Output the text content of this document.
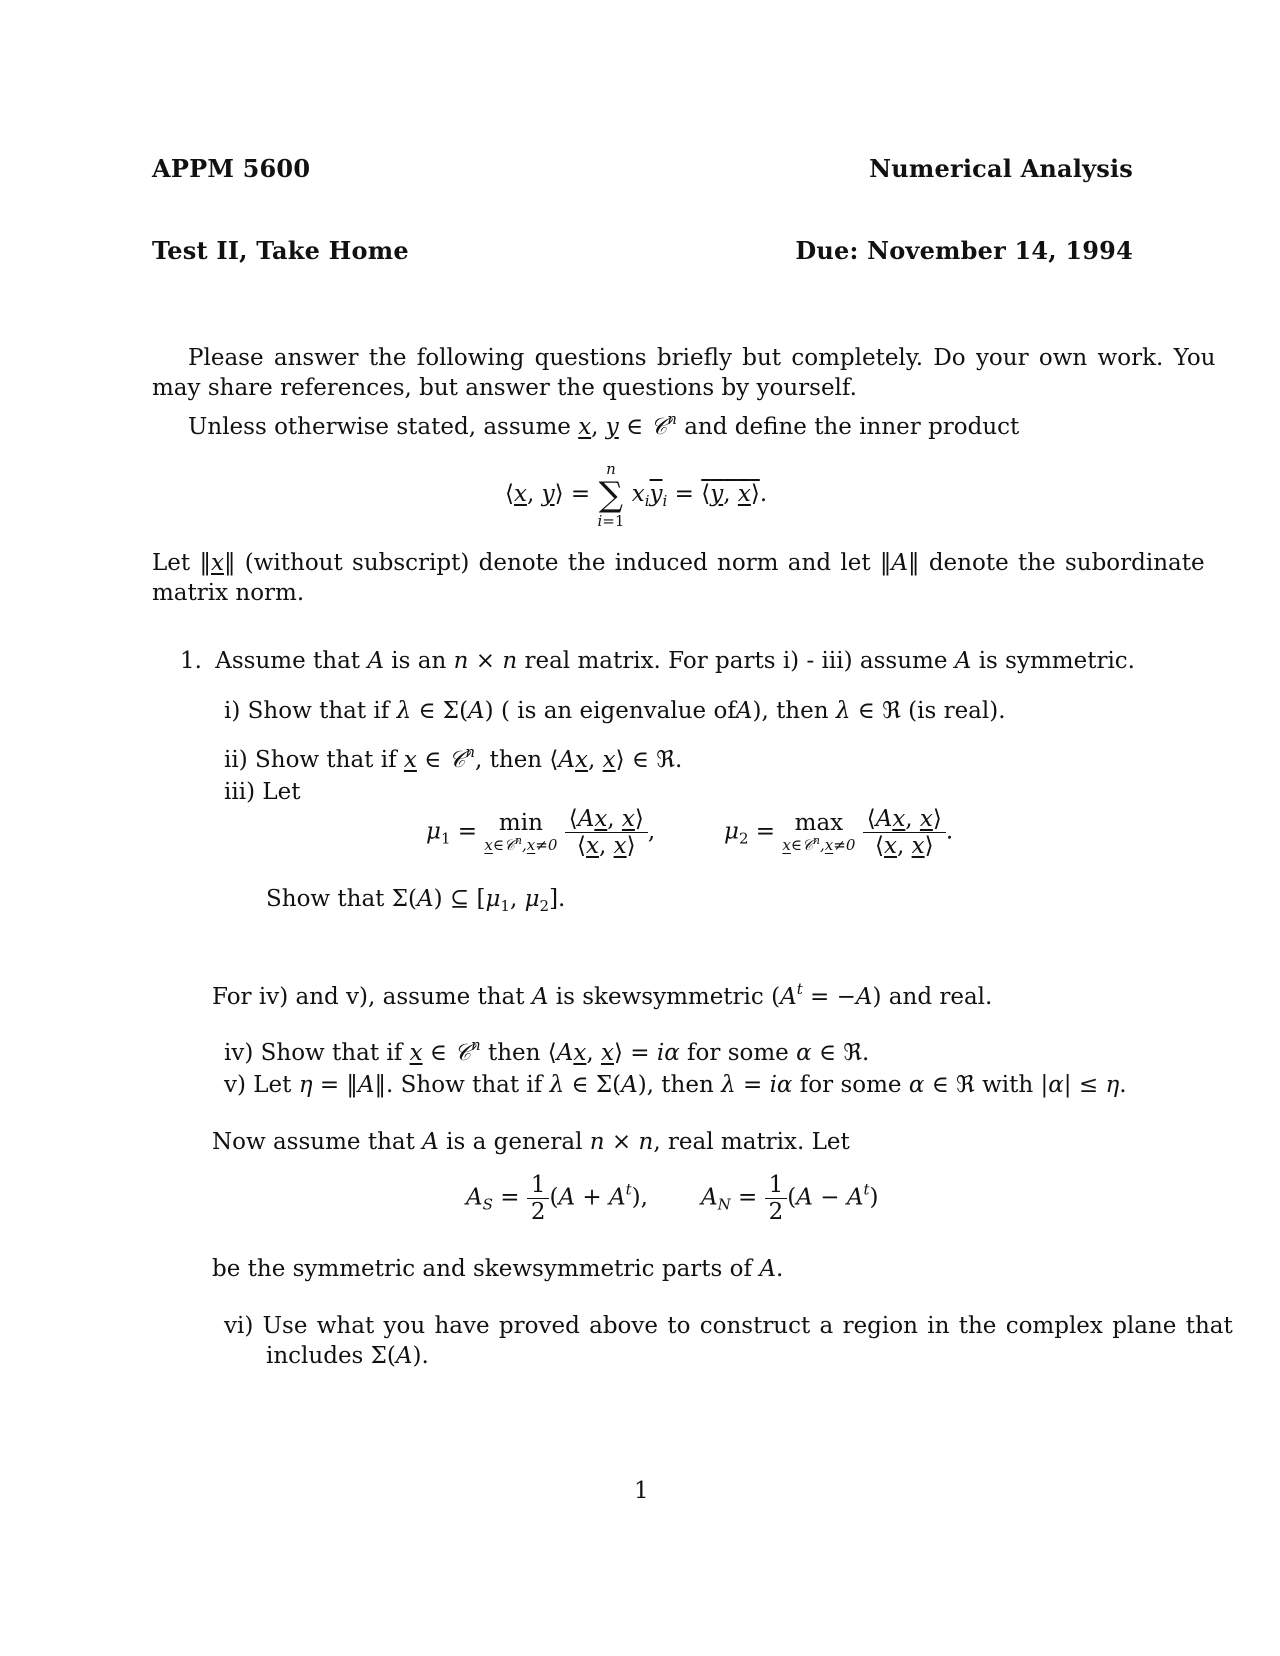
APPM 5600	Numerical Analysis
Test II, Take Home	Due: November 14, 1994
Please answer the following questions briefly but completely. Do your own work. You
may share references, but answer the questions by yourself.
Unless otherwise stated, assume x, y ∈ 𝒞$^n$ and define the inner product
⟨x, y⟩ =
n
∑
i=1
$x_i\overline{y}_i$ = ⟨y, x⟩.
Let ‖x‖ (without subscript) denote the induced norm and let ‖A‖ denote the subordinate
matrix norm.
1. Assume that A is an n × n real matrix. For parts i) - iii) assume A is symmetric.
i) Show that if λ ∈ Σ(A) ( is an eigenvalue ofA), then λ ∈ ℜ (is real).
ii) Show that if x ∈ 𝒞$^n$, then ⟨Ax, x⟩ ∈ ℜ.
iii) Let
$\mu_1 = \min$
x∈𝒞$^n$,x≠0
$\frac{⟨Ax, x⟩}{⟨x, x⟩}$ ,	$\mu_2 = \max$
x∈𝒞$^n$,x≠0
$\frac{⟨Ax, x⟩}{⟨x, x⟩}$ .
Show that Σ(A) ⊆ [$\mu_1$, $\mu_2$].
For iv) and v), assume that A is skewsymmetric $(A^t = -A)$ and real.
iv) Show that if x ∈ 𝒞$^n$ then ⟨Ax, x⟩ = iα for some α ∈ ℜ.
v) Let η = ‖A‖. Show that if λ ∈ Σ(A), then λ = iα for some α ∈ ℜ with |α| ≤ η.
Now assume that A is a general n × n, real matrix. Let
$A_S = \frac{1}{2} (A + A^t)$, $A_N = \frac{1}{2} (A - A^t)$
be the symmetric and skewsymmetric parts of A.
vi) Use what you have proved above to construct a region in the complex plane that
includes Σ(A).
1
